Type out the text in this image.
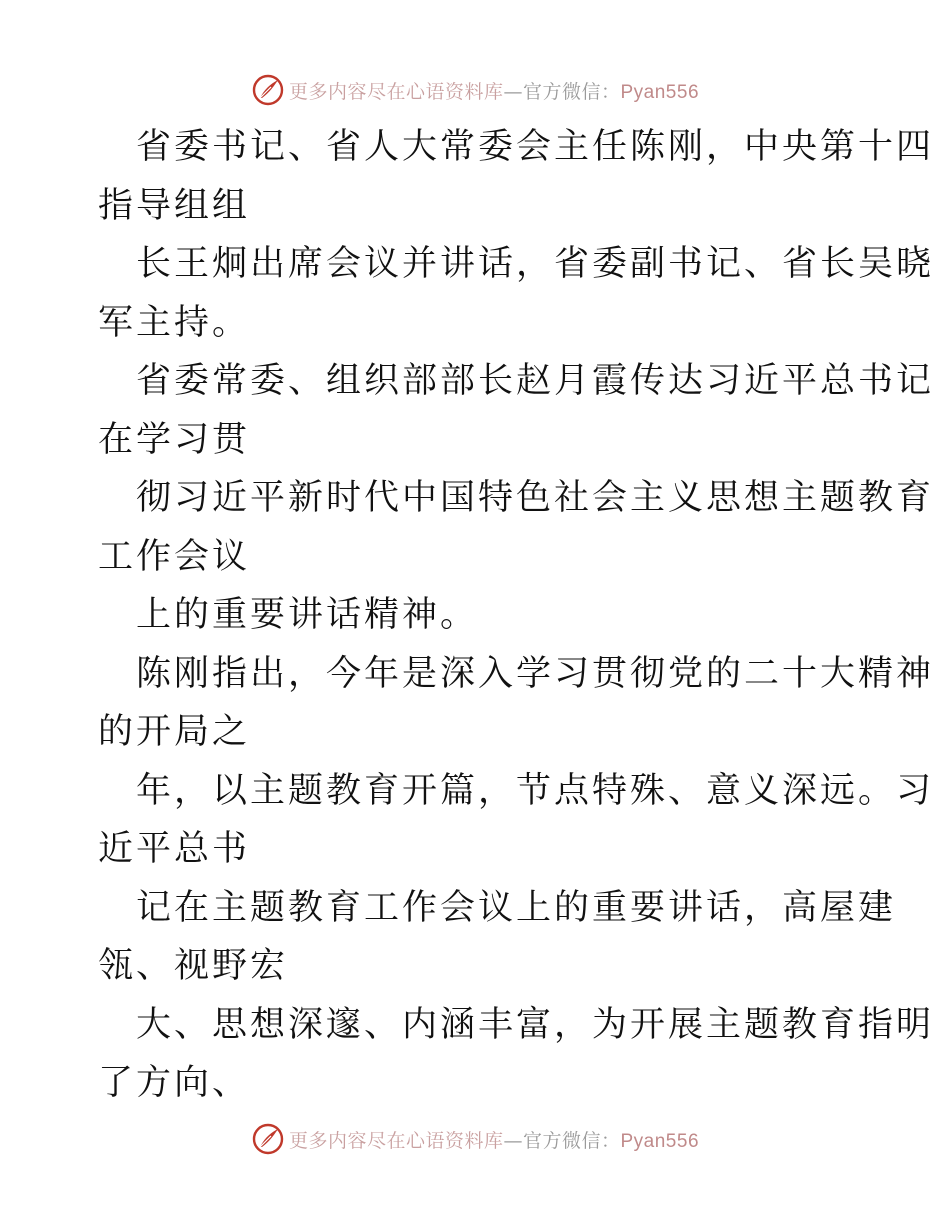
更多内容尽在心语资料库—官方微信：Pyan556

省委书记、省人大常委会主任陈刚，中央第十四
指导组组

长王炯出席会议并讲话，省委副书记、省长吴晓
军主持。

省委常委、组织部部长赵月霞传达习近平总书记
在学习贯

彻习近平新时代中国特色社会主义思想主题教育
工作会议

上的重要讲话精神。

陈刚指出，今年是深入学习贯彻党的二十大精神
的开局之

年，以主题教育开篇，节点特殊、意义深远。习
近平总书

记在主题教育工作会议上的重要讲话，高屋建
瓴、视野宏

大、思想深邃、内涵丰富，为开展主题教育指明
了方向、

更多内容尽在心语资料库—官方微信：Pyan556
